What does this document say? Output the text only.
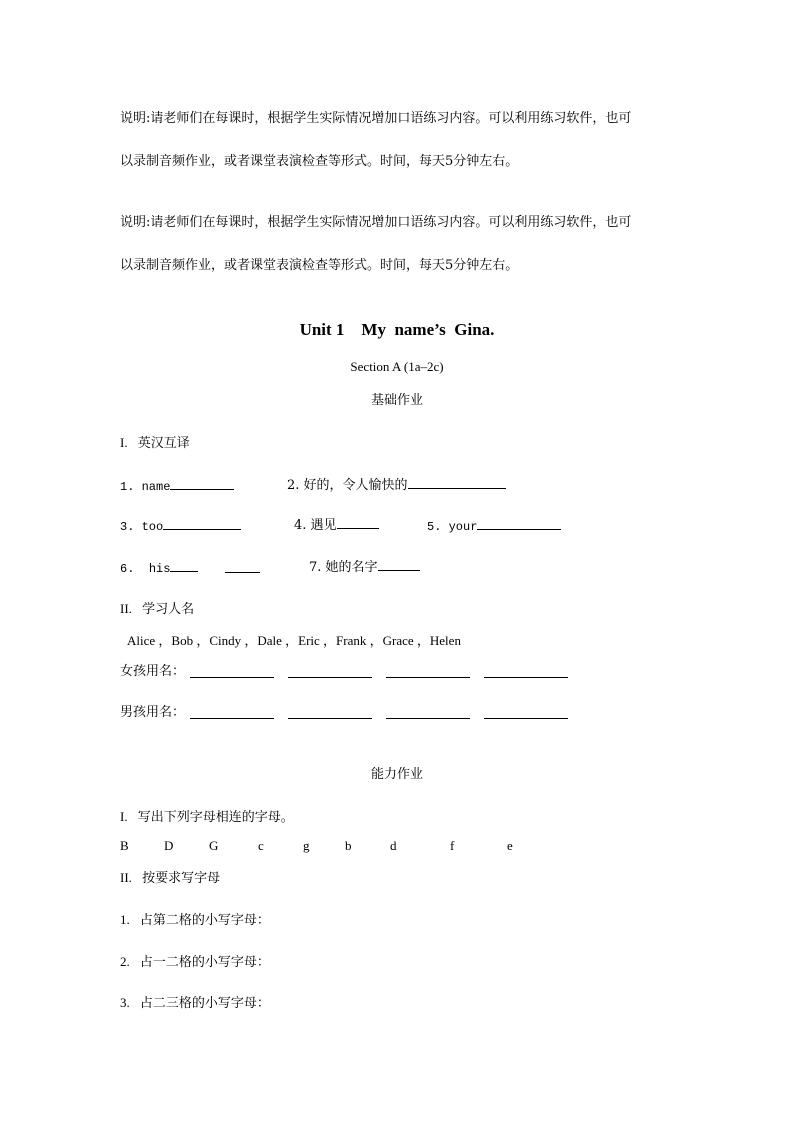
说明:请老师们在每课时，根据学生实际情况增加口语练习内容。可以利用练习软件，也可
以录制音频作业，或者课堂表演检查等形式。时间，每天5分钟左右。
说明:请老师们在每课时，根据学生实际情况增加口语练习内容。可以利用练习软件，也可
以录制音频作业，或者课堂表演检查等形式。时间，每天5分钟左右。
Unit 1    My  name’s  Gina.
Section A (1a–2c)
基础作业
I. 英汉互译
1. name	2. 好的，令人愉快的
3. too	4. 遇见	5. your
6. his	7. 她的名字
II. 学习人名
Alice ，Bob ，Cindy ，Dale ，Eric ，Frank ，Grace ，Helen
女孩用名：
男孩用名：
能力作业
I. 写出下列字母相连的字母。
B	D	G	c	g	b	d	f	e
II. 按要求写字母
1. 占第二格的小写字母：
2. 占一二格的小写字母：
3. 占二三格的小写字母：
